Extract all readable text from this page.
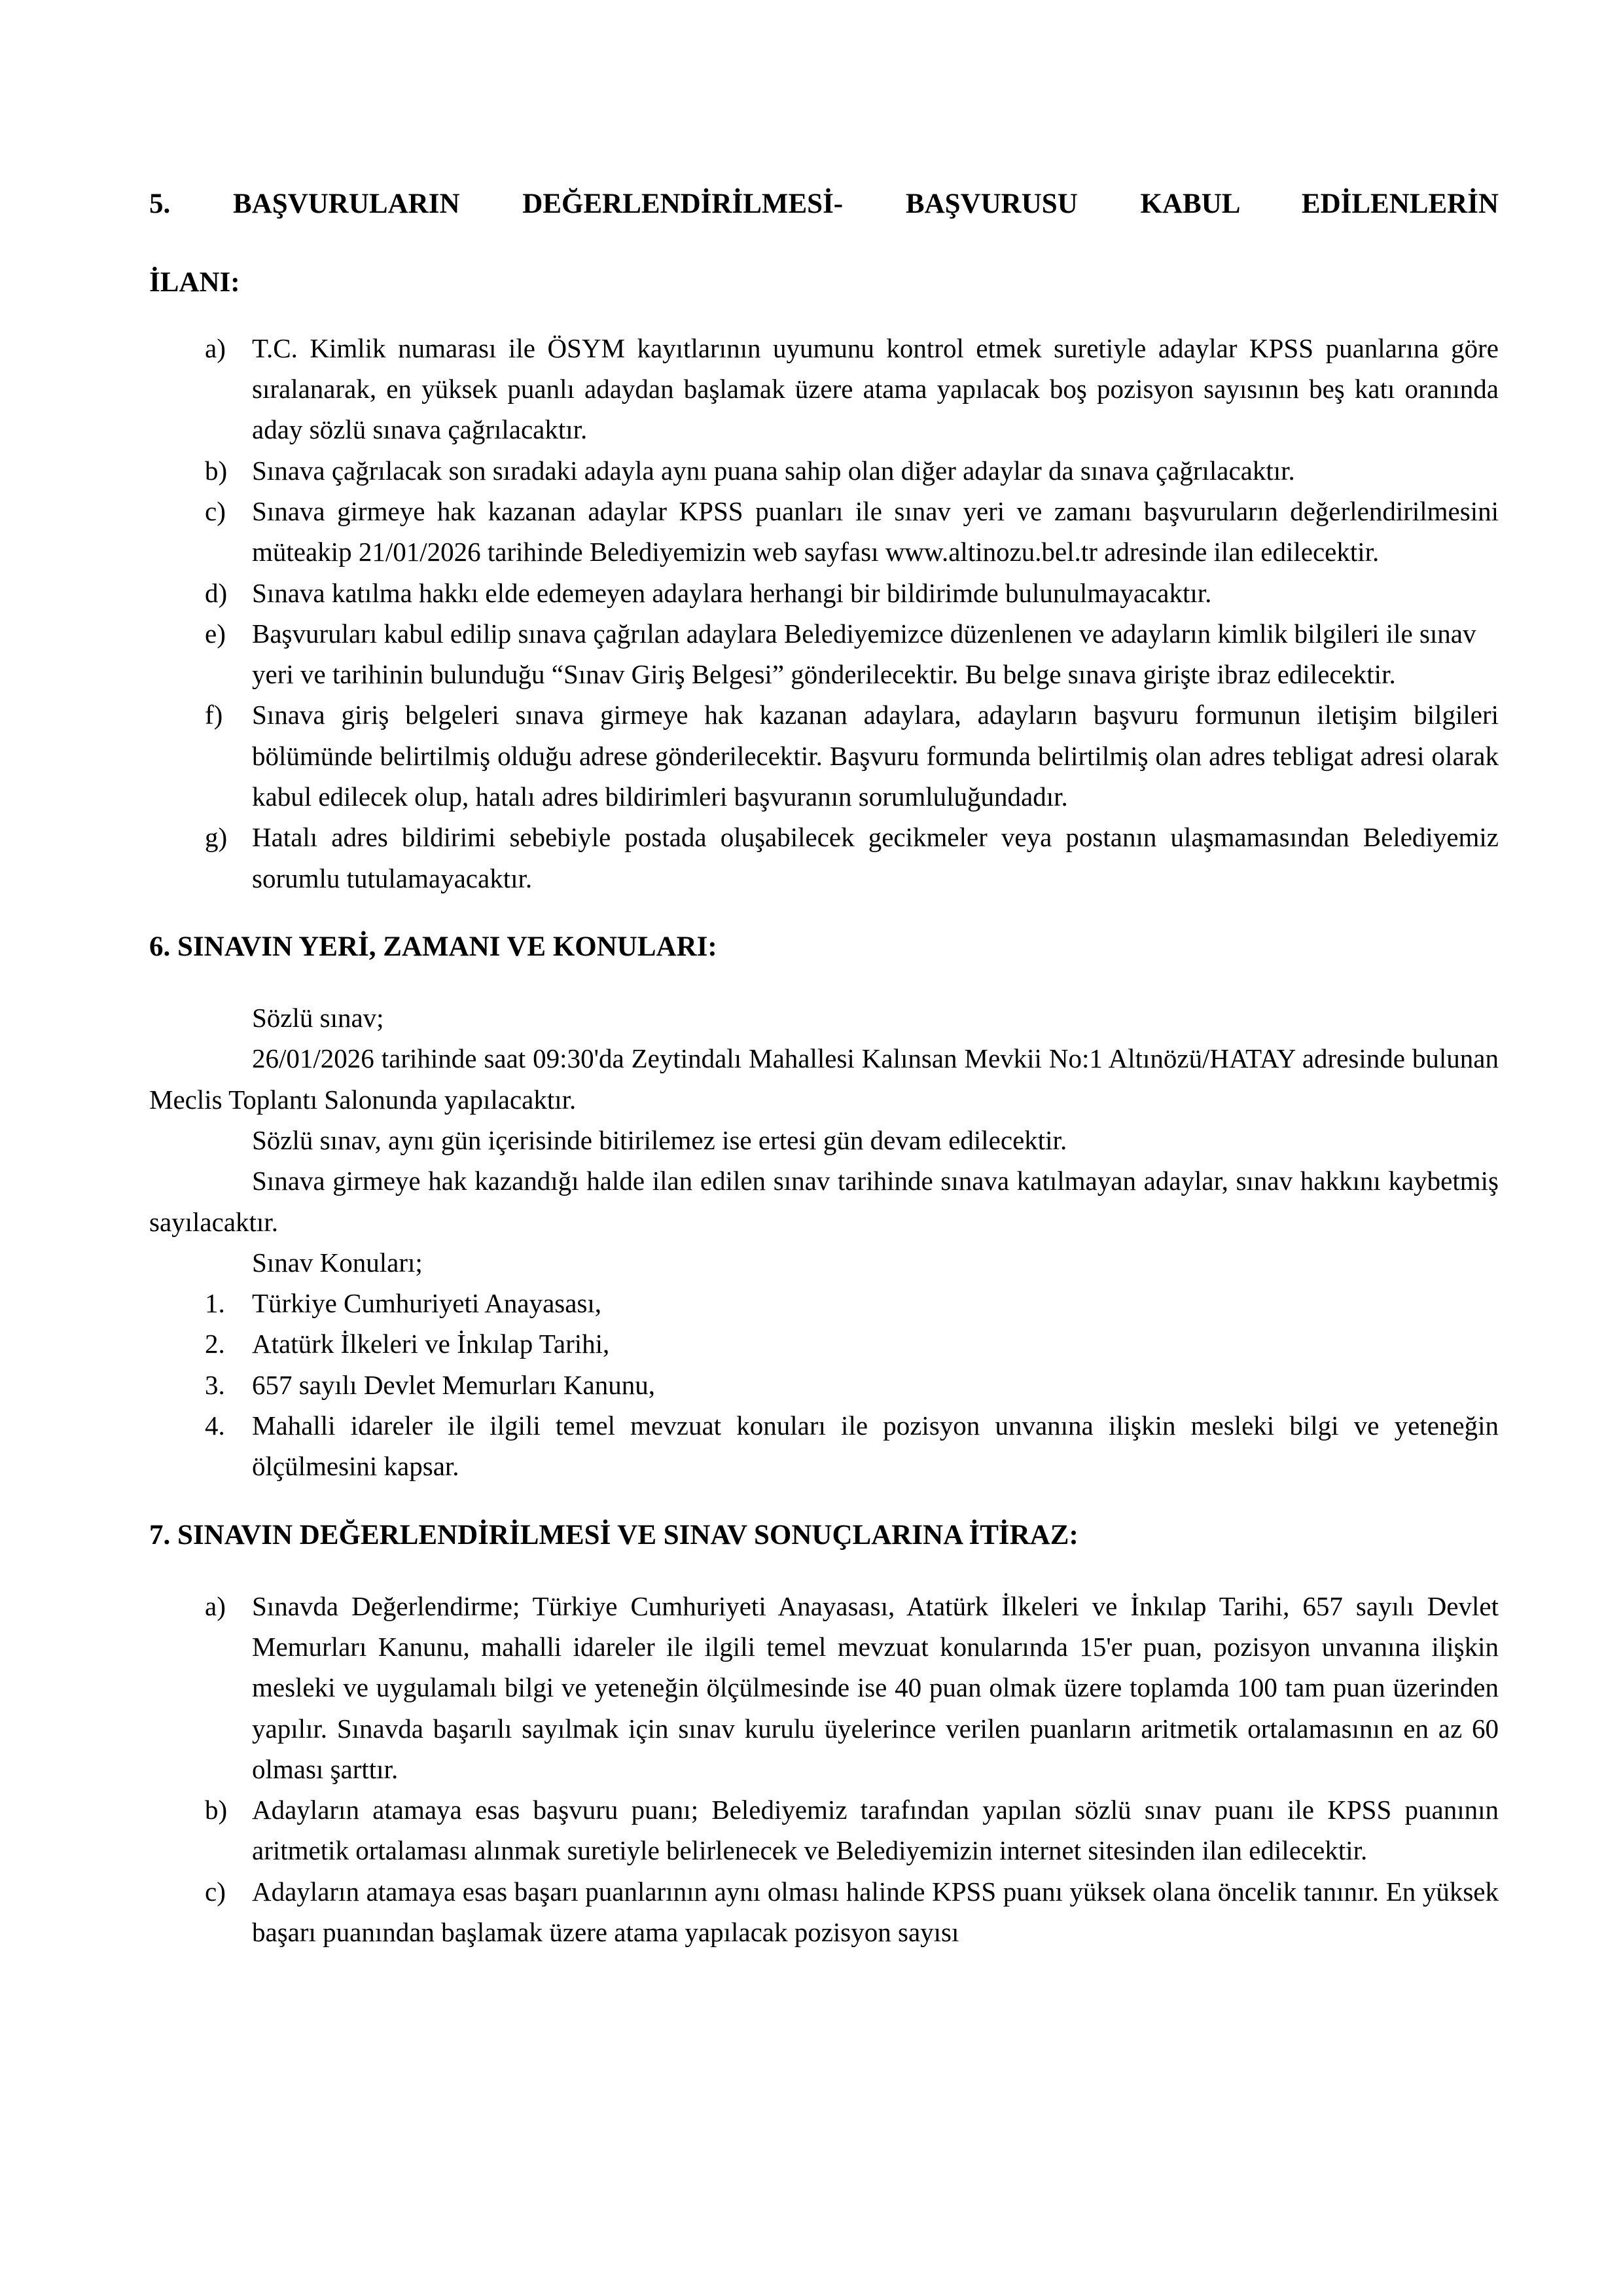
5. BAŞVURULARIN DEĞERLENDİRİLMESİ- BAŞVURUSU KABUL EDİLENLERİN
İLANI:
a) T.C. Kimlik numarası ile ÖSYM kayıtlarının uyumunu kontrol etmek suretiyle adaylar KPSS puanlarına göre sıralanarak, en yüksek puanlı adaydan başlamak üzere atama yapılacak boş pozisyon sayısının beş katı oranında aday sözlü sınava çağrılacaktır.
b) Sınava çağrılacak son sıradaki adayla aynı puana sahip olan diğer adaylar da sınava çağrılacaktır.
c) Sınava girmeye hak kazanan adaylar KPSS puanları ile sınav yeri ve zamanı başvuruların değerlendirilmesini müteakip 21/01/2026 tarihinde Belediyemizin web sayfası www.altinozu.bel.tr adresinde ilan edilecektir.
d) Sınava katılma hakkı elde edemeyen adaylara herhangi bir bildirimde bulunulmayacaktır.
e) Başvuruları kabul edilip sınava çağrılan adaylara Belediyemizce düzenlenen ve adayların kimlik bilgileri ile sınav yeri ve tarihinin bulunduğu “Sınav Giriş Belgesi” gönderilecektir. Bu belge sınava girişte ibraz edilecektir.
f)	Sınava giriş belgeleri sınava girmeye hak kazanan adaylara, adayların başvuru formunun iletişim bilgileri bölümünde belirtilmiş olduğu adrese gönderilecektir. Başvuru formunda belirtilmiş olan adres tebligat adresi olarak kabul edilecek olup, hatalı adres bildirimleri başvuranın sorumluluğundadır.
g) Hatalı adres bildirimi sebebiyle postada oluşabilecek gecikmeler veya postanın ulaşmamasından Belediyemiz sorumlu tutulamayacaktır.
6. SINAVIN YERİ, ZAMANI VE KONULARI:

Sözlü sınav;

26/01/2026 tarihinde saat 09:30'da Zeytindalı Mahallesi Kalınsan Mevkii No:1 Altınözü/HATAY adresinde bulunan Meclis Toplantı Salonunda yapılacaktır.

Sözlü sınav, aynı gün içerisinde bitirilemez ise ertesi gün devam edilecektir.

Sınava girmeye hak kazandığı halde ilan edilen sınav tarihinde sınava katılmayan adaylar, sınav hakkını kaybetmiş sayılacaktır.

Sınav Konuları;

1.	Türkiye Cumhuriyeti Anayasası,
2.	Atatürk İlkeleri ve İnkılap Tarihi,
3.	657 sayılı Devlet Memurları Kanunu,
4.	Mahalli idareler ile ilgili temel mevzuat konuları ile pozisyon unvanına ilişkin mesleki bilgi ve yeteneğin ölçülmesini kapsar.
7. SINAVIN DEĞERLENDİRİLMESİ VE SINAV SONUÇLARINA İTİRAZ:
a) Sınavda Değerlendirme; Türkiye Cumhuriyeti Anayasası, Atatürk İlkeleri ve İnkılap Tarihi, 657 sayılı Devlet Memurları Kanunu, mahalli idareler ile ilgili temel mevzuat konularında 15'er puan, pozisyon unvanına ilişkin mesleki ve uygulamalı bilgi ve yeteneğin ölçülmesinde ise 40 puan olmak üzere toplamda 100 tam puan üzerinden yapılır. Sınavda başarılı sayılmak için sınav kurulu üyelerince verilen puanların aritmetik ortalamasının en az 60 olması şarttır.
b) Adayların atamaya esas başvuru puanı; Belediyemiz tarafından yapılan sözlü sınav puanı ile KPSS puanının aritmetik ortalaması alınmak suretiyle belirlenecek ve Belediyemizin internet sitesinden ilan edilecektir.
c) Adayların atamaya esas başarı puanlarının aynı olması halinde KPSS puanı yüksek olana öncelik tanınır. En yüksek başarı puanından başlamak üzere atama yapılacak pozisyon sayısı
